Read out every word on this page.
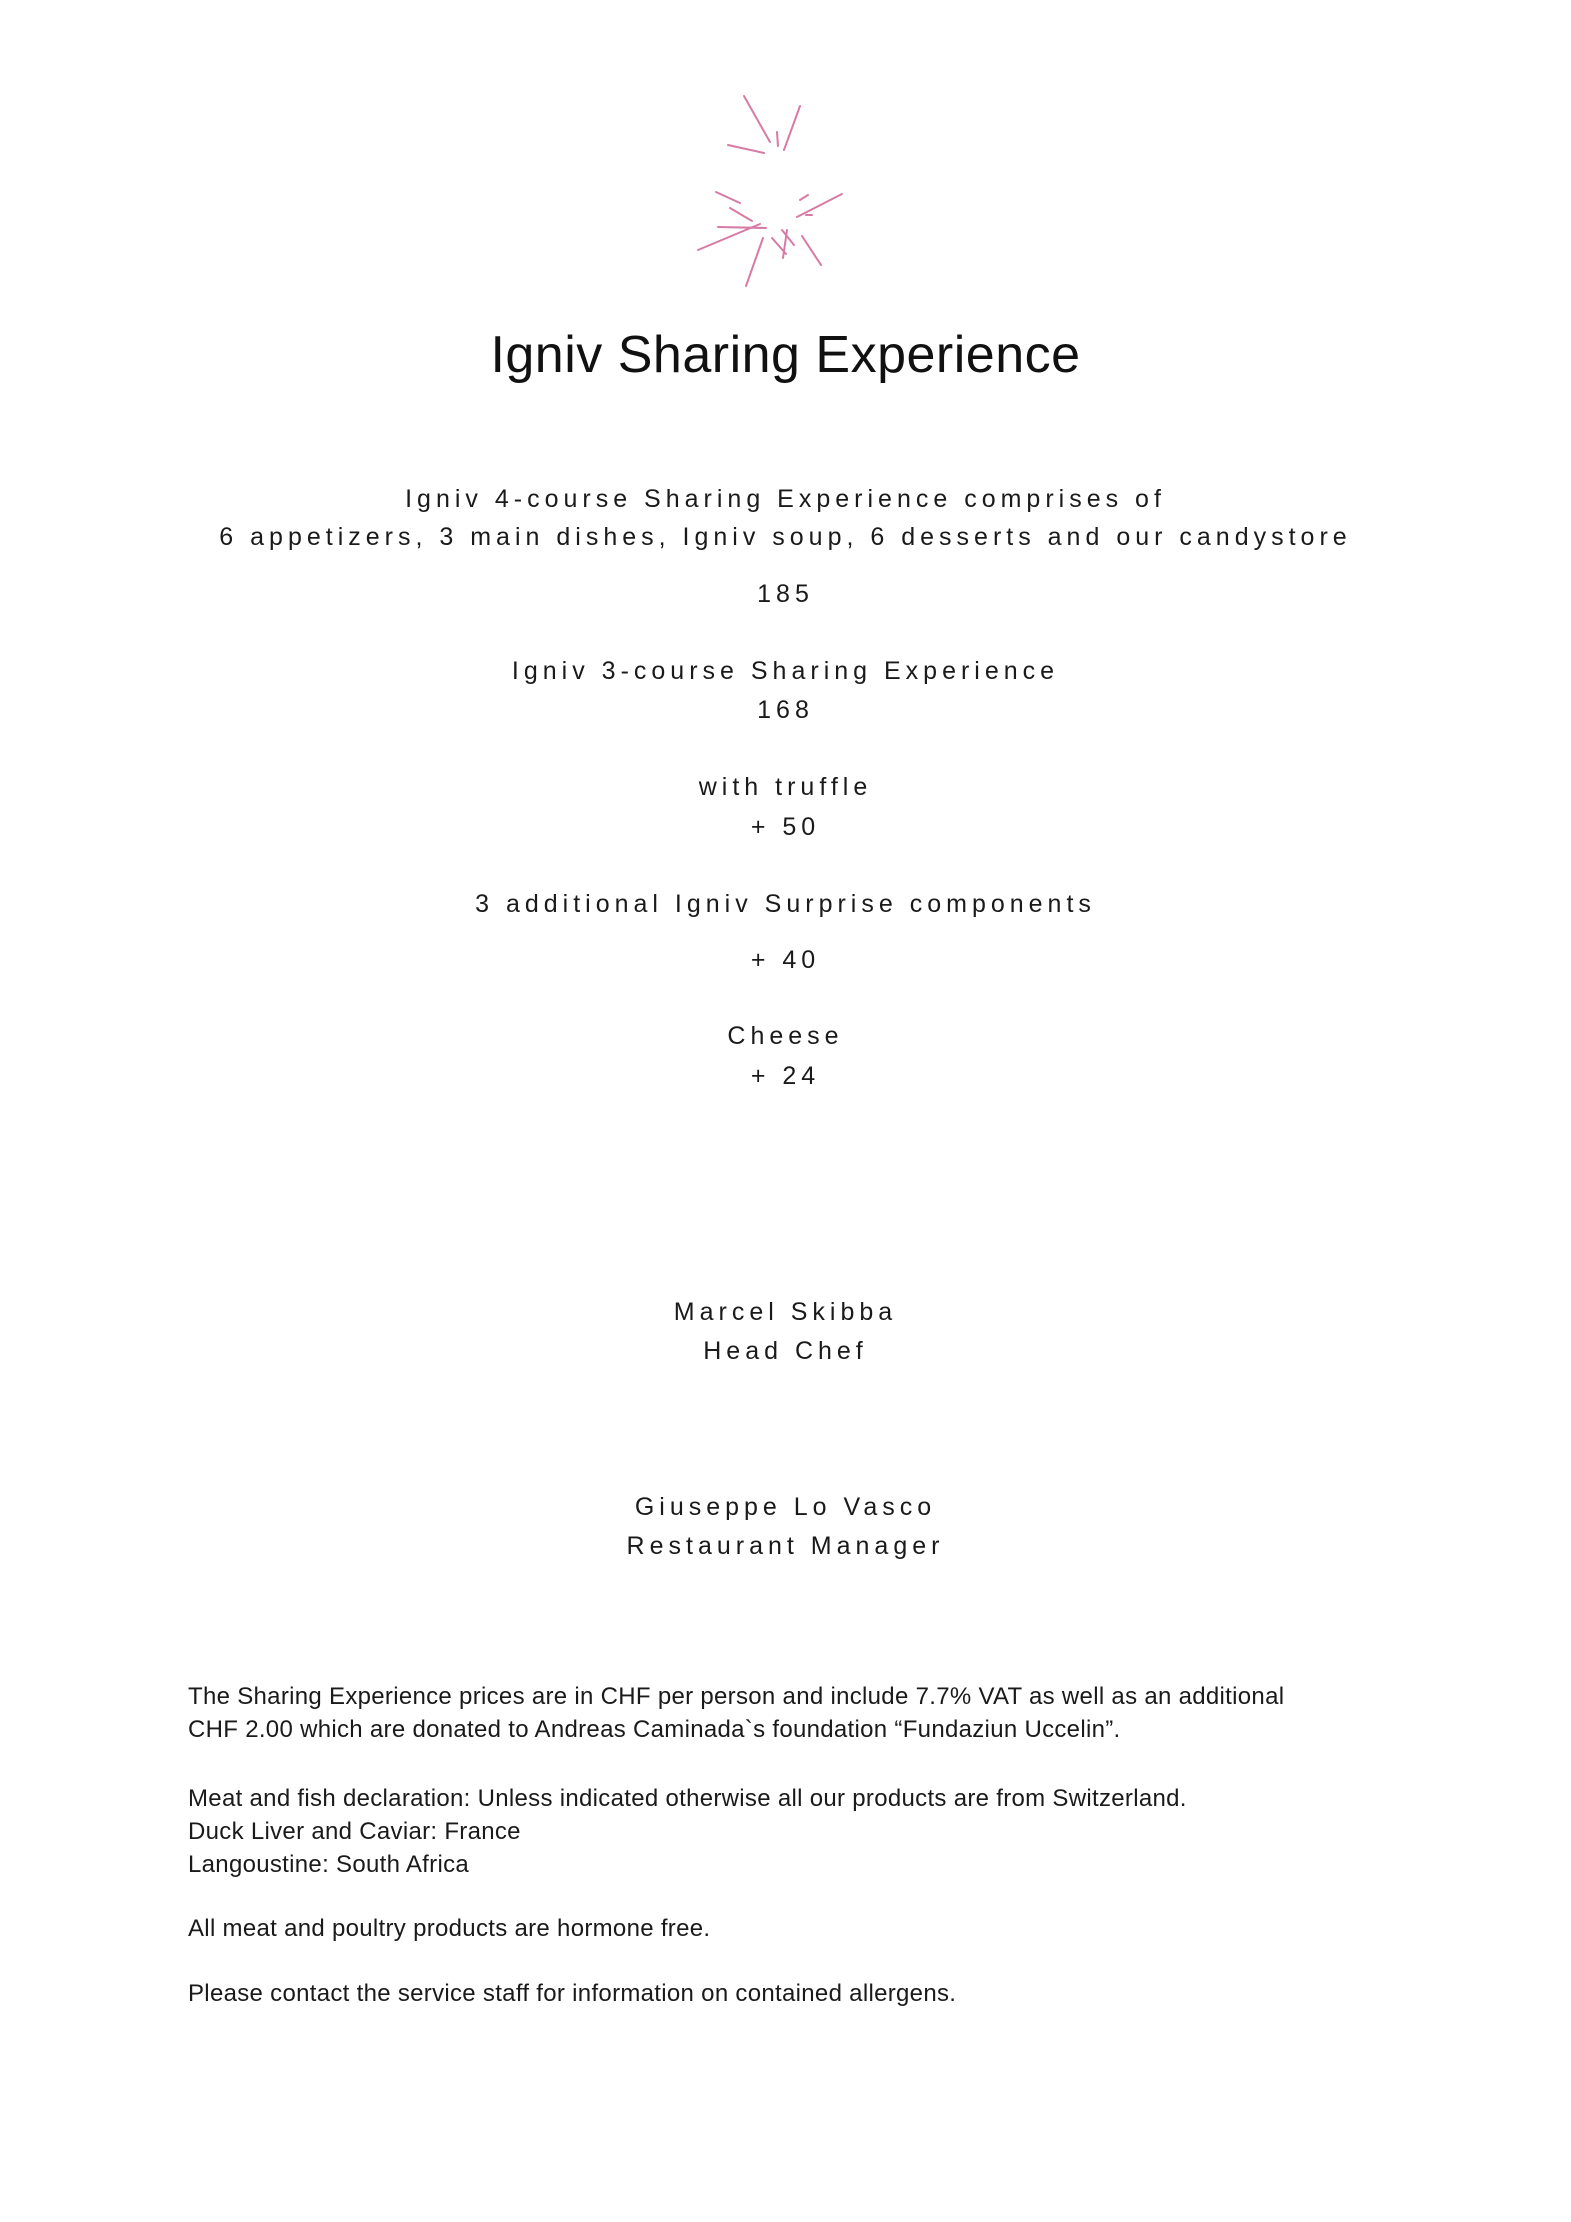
Igniv Sharing Experience
Igniv 4-course Sharing Experience comprises of
6 appetizers, 3 main dishes, Igniv soup, 6 desserts and our candystore
185
Igniv 3-course Sharing Experience
168
with truffle
+ 50
3 additional Igniv Surprise components
+ 40
Cheese
+ 24
Marcel Skibba
Head Chef
Giuseppe Lo Vasco
Restaurant Manager

The Sharing Experience prices are in CHF per person and include 7.7% VAT as well as an additional

CHF 2.00 which are donated to Andreas Caminada`s foundation “Fundaziun Uccelin”.

Meat and fish declaration: Unless indicated otherwise all our products are from Switzerland.

Duck Liver and Caviar: France

Langoustine: South Africa

All meat and poultry products are hormone free.

Please contact the service staff for information on contained allergens.
